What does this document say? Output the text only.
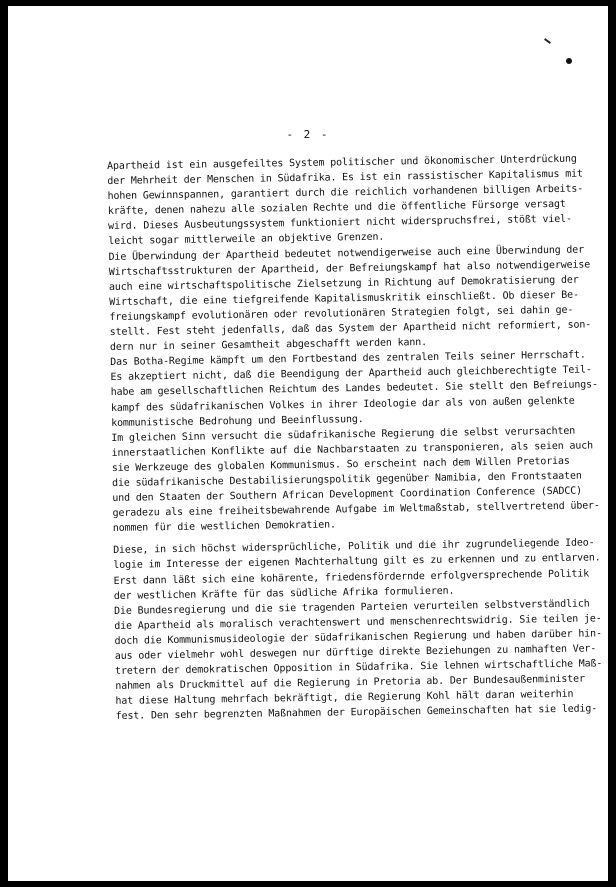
- 2 -
Apartheid ist ein ausgefeiltes System politischer und ökonomischer Unterdrückung
der Mehrheit der Menschen in Südafrika. Es ist ein rassistischer Kapitalismus mit
hohen Gewinnspannen, garantiert durch die reichlich vorhandenen billigen Arbeits-
kräfte, denen nahezu alle sozialen Rechte und die öffentliche Fürsorge versagt
wird. Dieses Ausbeutungssystem funktioniert nicht widerspruchsfrei, stößt viel-
leicht sogar mittlerweile an objektive Grenzen.
Die Überwindung der Apartheid bedeutet notwendigerweise auch eine Überwindung der
Wirtschaftsstrukturen der Apartheid, der Befreiungskampf hat also notwendigerweise
auch eine wirtschaftspolitische Zielsetzung in Richtung auf Demokratisierung der
Wirtschaft, die eine tiefgreifende Kapitalismuskritik einschließt. Ob dieser Be-
freiungskampf evolutionären oder revolutionären Strategien folgt, sei dahin ge-
stellt. Fest steht jedenfalls, daß das System der Apartheid nicht reformiert, son-
dern nur in seiner Gesamtheit abgeschafft werden kann.
Das Botha-Regime kämpft um den Fortbestand des zentralen Teils seiner Herrschaft.
Es akzeptiert nicht, daß die Beendigung der Apartheid auch gleichberechtigte Teil-
habe am gesellschaftlichen Reichtum des Landes bedeutet. Sie stellt den Befreiungs-
kampf des südafrikanischen Volkes in ihrer Ideologie dar als von außen gelenkte
kommunistische Bedrohung und Beeinflussung.
Im gleichen Sinn versucht die südafrikanische Regierung die selbst verursachten
innerstaatlichen Konflikte auf die Nachbarstaaten zu transponieren, als seien auch
sie Werkzeuge des globalen Kommunismus. So erscheint nach dem Willen Pretorias
die südafrikanische Destabilisierungspolitik gegenüber Namibia, den Frontstaaten
und den Staaten der Southern African Development Coordination Conference (SADCC)
geradezu als eine freiheitsbewahrende Aufgabe im Weltmaßstab, stellvertretend über-
nommen für die westlichen Demokratien.
Diese, in sich höchst widersprüchliche, Politik und die ihr zugrundeliegende Ideo-
logie im Interesse der eigenen Machterhaltung gilt es zu erkennen und zu entlarven.
Erst dann läßt sich eine kohärente, friedensfördernde erfolgversprechende Politik
der westlichen Kräfte für das südliche Afrika formulieren.
Die Bundesregierung und die sie tragenden Parteien verurteilen selbstverständlich
die Apartheid als moralisch verachtenswert und menschenrechtswidrig. Sie teilen je-
doch die Kommunismusideologie der südafrikanischen Regierung und haben darüber hin-
aus oder vielmehr wohl deswegen nur dürftige direkte Beziehungen zu namhaften Ver-
tretern der demokratischen Opposition in Südafrika. Sie lehnen wirtschaftliche Maß-
nahmen als Druckmittel auf die Regierung in Pretoria ab. Der Bundesaußenminister
hat diese Haltung mehrfach bekräftigt, die Regierung Kohl hält daran weiterhin
fest. Den sehr begrenzten Maßnahmen der Europäischen Gemeinschaften hat sie ledig-
